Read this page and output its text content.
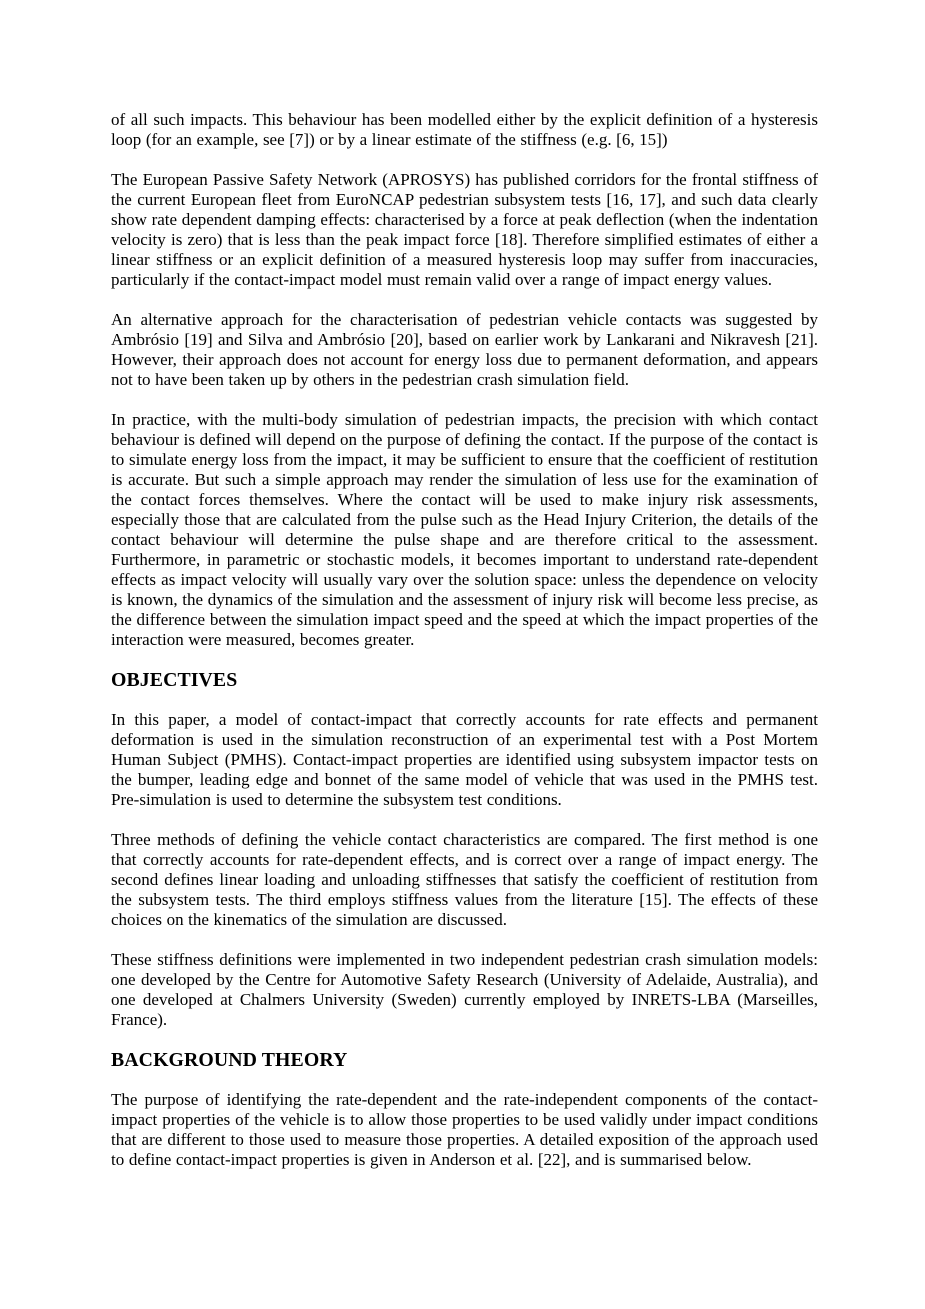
of all such impacts. This behaviour has been modelled either by the explicit definition of a hysteresis loop (for an example, see [7]) or by a linear estimate of the stiffness (e.g. [6, 15])

The European Passive Safety Network (APROSYS) has published corridors for the frontal stiffness of the current European fleet from EuroNCAP pedestrian subsystem tests [16, 17], and such data clearly show rate dependent damping effects: characterised by a force at peak deflection (when the indentation velocity is zero) that is less than the peak impact force [18]. Therefore simplified estimates of either a linear stiffness or an explicit definition of a measured hysteresis loop may suffer from inaccuracies, particularly if the contact-impact model must remain valid over a range of impact energy values.

An alternative approach for the characterisation of pedestrian vehicle contacts was suggested by Ambrósio [19] and Silva and Ambrósio [20], based on earlier work by Lankarani and Nikravesh [21]. However, their approach does not account for energy loss due to permanent deformation, and appears not to have been taken up by others in the pedestrian crash simulation field.

In practice, with the multi-body simulation of pedestrian impacts, the precision with which contact behaviour is defined will depend on the purpose of defining the contact. If the purpose of the contact is to simulate energy loss from the impact, it may be sufficient to ensure that the coefficient of restitution is accurate. But such a simple approach may render the simulation of less use for the examination of the contact forces themselves. Where the contact will be used to make injury risk assessments, especially those that are calculated from the pulse such as the Head Injury Criterion, the details of the contact behaviour will determine the pulse shape and are therefore critical to the assessment. Furthermore, in parametric or stochastic models, it becomes important to understand rate-dependent effects as impact velocity will usually vary over the solution space: unless the dependence on velocity is known, the dynamics of the simulation and the assessment of injury risk will become less precise, as the difference between the simulation impact speed and the speed at which the impact properties of the interaction were measured, becomes greater.

OBJECTIVES

In this paper, a model of contact-impact that correctly accounts for rate effects and permanent deformation is used in the simulation reconstruction of an experimental test with a Post Mortem Human Subject (PMHS). Contact-impact properties are identified using subsystem impactor tests on the bumper, leading edge and bonnet of the same model of vehicle that was used in the PMHS test. Pre-simulation is used to determine the subsystem test conditions.

Three methods of defining the vehicle contact characteristics are compared. The first method is one that correctly accounts for rate-dependent effects, and is correct over a range of impact energy. The second defines linear loading and unloading stiffnesses that satisfy the coefficient of restitution from the subsystem tests. The third employs stiffness values from the literature [15]. The effects of these choices on the kinematics of the simulation are discussed.

These stiffness definitions were implemented in two independent pedestrian crash simulation models: one developed by the Centre for Automotive Safety Research (University of Adelaide, Australia), and one developed at Chalmers University (Sweden) currently employed by INRETS-LBA (Marseilles, France).

BACKGROUND THEORY

The purpose of identifying the rate-dependent and the rate-independent components of the contact-impact properties of the vehicle is to allow those properties to be used validly under impact conditions that are different to those used to measure those properties. A detailed exposition of the approach used to define contact-impact properties is given in Anderson et al. [22], and is summarised below.
